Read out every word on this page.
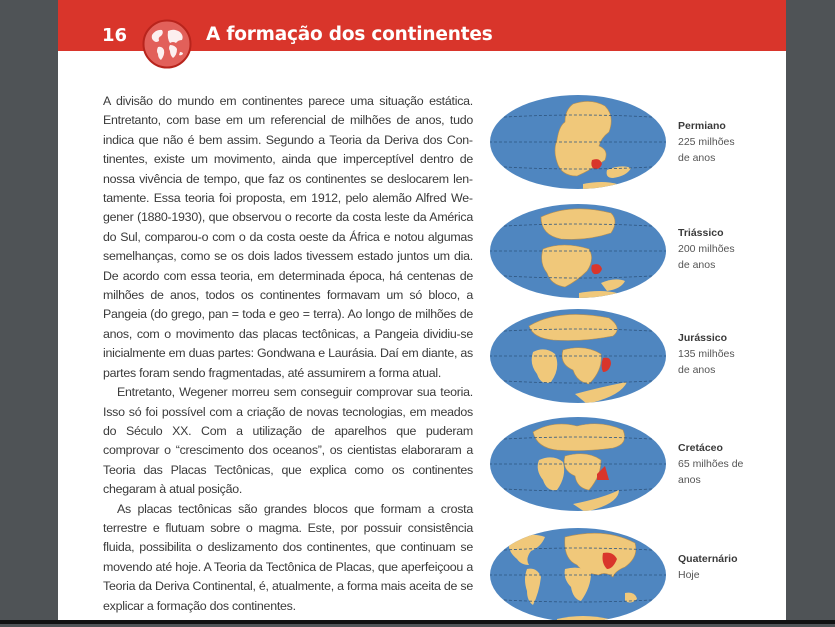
16	A formação dos continentes

A divisão do mundo em continentes parece uma situação estática. Entretanto, com base em um referencial de milhões de anos, tudo indica que não é bem assim. Segundo a Teoria da Deriva dos Continentes, existe um movimento, ainda que imperceptível dentro de nossa vivência de tempo, que faz os continentes se deslocarem lentamente. Essa teoria foi proposta, em 1912, pelo alemão Alfred Wegener (1880-1930), que observou o recorte da costa leste da América do Sul, comparou-o com o da costa oeste da África e notou algumas semelhanças, como se os dois lados tivessem estado juntos um dia. De acordo com essa teoria, em determinada época, há centenas de milhões de anos, todos os continentes formavam um só bloco, a Pangeia (do grego, pan = toda e geo = terra). Ao longo de milhões de anos, com o movimento das placas tectônicas, a Pangeia dividiu-se inicialmente em duas partes: Gondwana e Laurásia. Daí em diante, as partes foram sendo fragmentadas, até assumirem a forma atual.

Entretanto, Wegener morreu sem conseguir comprovar sua teoria. Isso só foi possível com a criação de novas tecnologias, em meados do Século XX. Com a utilização de aparelhos que puderam comprovar o “crescimento dos oceanos”, os cientistas elaboraram a Teoria das Placas Tectônicas, que explica como os continentes chegaram à atual posição.

As placas tectônicas são grandes blocos que formam a crosta terrestre e flutuam sobre o magma. Este, por possuir consistência fluida, possibilita o deslizamento dos continentes, que continuam se movendo até hoje. A Teoria da Tectônica de Placas, que aperfeiçoou a Teoria da Deriva Continental, é, atualmente, a forma mais aceita de se explicar a formação dos continentes.

Permiano
225 milhões de anos
Triássico
200 milhões de anos
Jurássico
135 milhões de anos
Cretáceo
65 milhões de anos
Quaternário
Hoje
